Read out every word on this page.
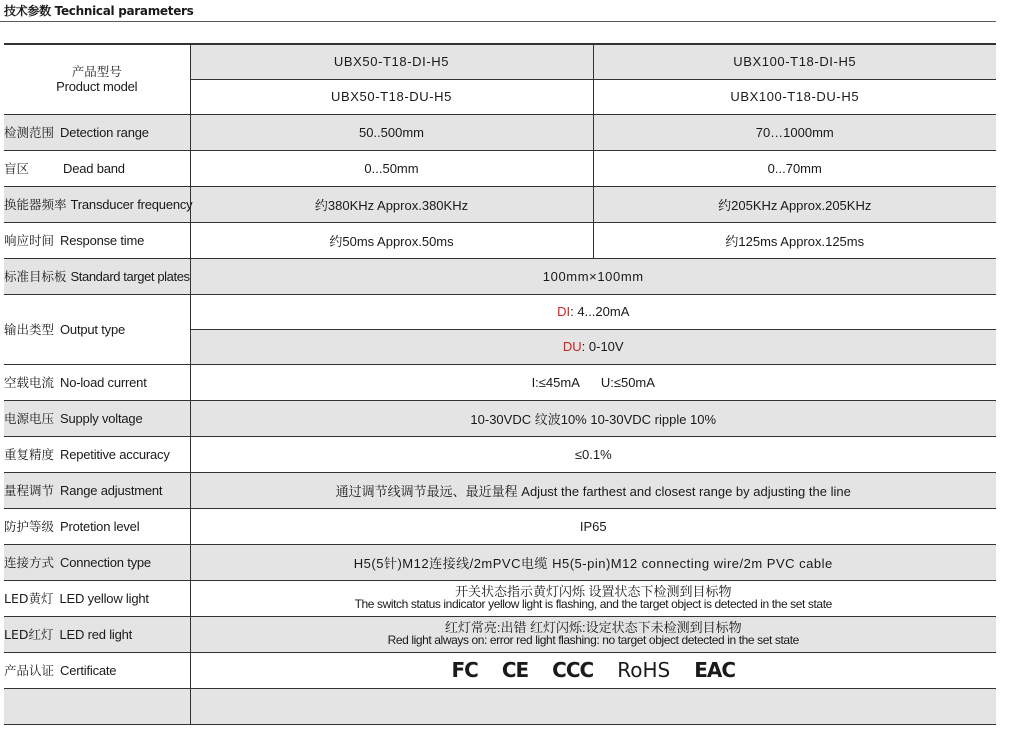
技术参数 Technical parameters
产品型号
Product model	UBX50-T18-DI-H5	UBX100-T18-DI-H5
	UBX50-T18-DU-H5	UBX100-T18-DU-H5
检测范围 Detection range	50..500mm	70…1000mm
盲区 Dead band	0...50mm	0...70mm
换能器频率 Transducer frequency	约380KHz Approx.380KHz	约205KHz Approx.205KHz
响应时间 Response time	约50ms Approx.50ms	约125ms Approx.125ms
标准目标板 Standard target plates	100mm×100mm	
输出类型 Output type	DI: 4...20mA	
	DU: 0-10V	
空载电流 No-load current	I:≤45mA      U:≤50mA	
电源电压 Supply voltage	10-30VDC 纹波10% 10-30VDC ripple 10%	
重复精度 Repetitive accuracy	≤0.1%	
量程调节 Range adjustment	通过调节线调节最远、最近量程 Adjust the farthest and closest range by adjusting the line	
防护等级 Protetion level	IP65	
连接方式 Connection type	H5(5针)M12连接线/2mPVC电缆 H5(5-pin)M12 connecting wire/2m PVC cable	
LED黄灯 LED yellow light	开关状态指示黄灯闪烁 设置状态下检测到目标物
The switch status indicator yellow light is flashing, and the target object is detected in the set state	

LED红灯 LED red light	红灯常亮:出错 红灯闪烁:设定状态下未检测到目标物
Red light always on: error red light flashing: no target object detected in the set state	

产品认证 Certificate	FC CE CCC RoHS EAC	
